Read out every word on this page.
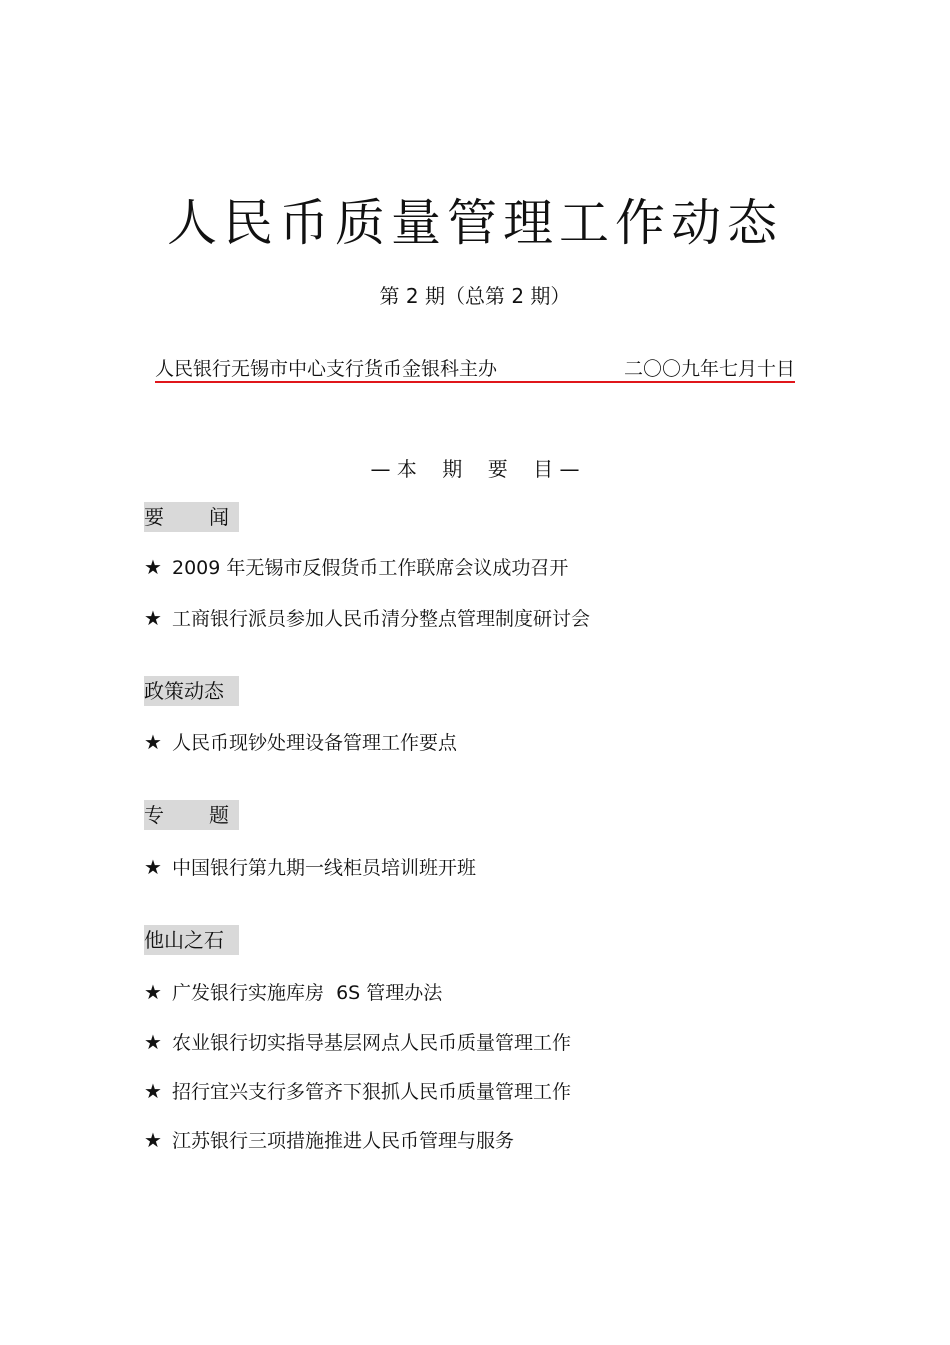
人民币质量管理工作动态
第 2 期（总第 2 期）
人民银行无锡市中心支行货币金银科主办	二〇〇九年七月十日
— 本    期    要    目 —
要 闻
★ 2009 年无锡市反假货币工作联席会议成功召开
★ 工商银行派员参加人民币清分整点管理制度研讨会
政策动态
★ 人民币现钞处理设备管理工作要点
专 题
★ 中国银行第九期一线柜员培训班开班
他山之石
★ 广发银行实施库房  6S 管理办法
★ 农业银行切实指导基层网点人民币质量管理工作
★ 招行宜兴支行多管齐下狠抓人民币质量管理工作
★ 江苏银行三项措施推进人民币管理与服务
